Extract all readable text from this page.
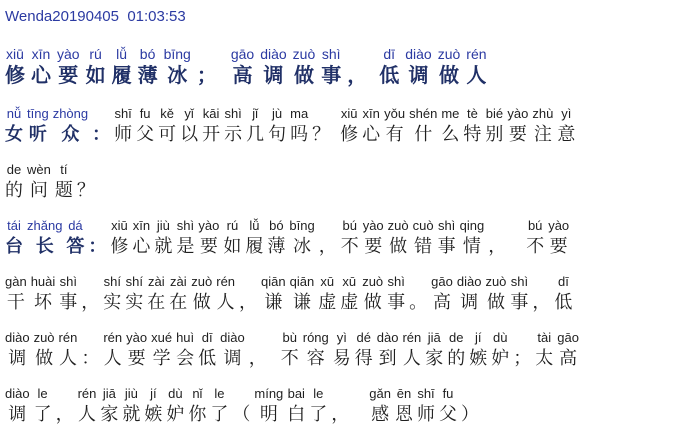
Wenda20190405  01:03:53
xiū
修
xīn
心
yào
要
rú
如
lǚ
履
bó
薄
bīng
冰
；
gāo
高
diào
调
zuò
做
shì
事
，
dī
低
diào
调
zuò
做
rén
人
nǚ
女
tīng
听
zhòng
众
：
shī
师
fu
父
kě
可
yǐ
以
kāi
开
shì
示
jǐ
几
jù
句
ma
吗
？
xiū
修
xīn
心
yǒu
有
shén
什
me
么
tè
特
bié
别
yào
要
zhù
注
yì
意
de
的
wèn
问
tí
题
？
tái
台
zhǎng
长
dá
答
：
xiū
修
xīn
心
jiù
就
shì
是
yào
要
rú
如
lǚ
履
bó
薄
bīng
冰
，
bú
不
yào
要
zuò
做
cuò
错
shì
事
qing
情
，
bú
不
yào
要
gàn
干
huài
坏
shì
事
，
shí
实
shí
实
zài
在
zài
在
zuò
做
rén
人
，
qiān
谦
qiān
谦
xū
虚
xū
虚
zuò
做
shì
事
。
gāo
高
diào
调
zuò
做
shì
事
，
dī
低
diào
调
zuò
做
rén
人
：
rén
人
yào
要
xué
学
huì
会
dī
低
diào
调
，
bù
不
róng
容
yì
易
dé
得
dào
到
rén
人
jiā
家
de
的
jí
嫉
dù
妒
；
tài
太
gāo
高
diào
调
le
了
，
rén
人
jiā
家
jiù
就
jí
嫉
dù
妒
nǐ
你
le
了
（
míng
明
bai
白
le
了
，
gǎn
感
ēn
恩
shī
师
fu
父
）
